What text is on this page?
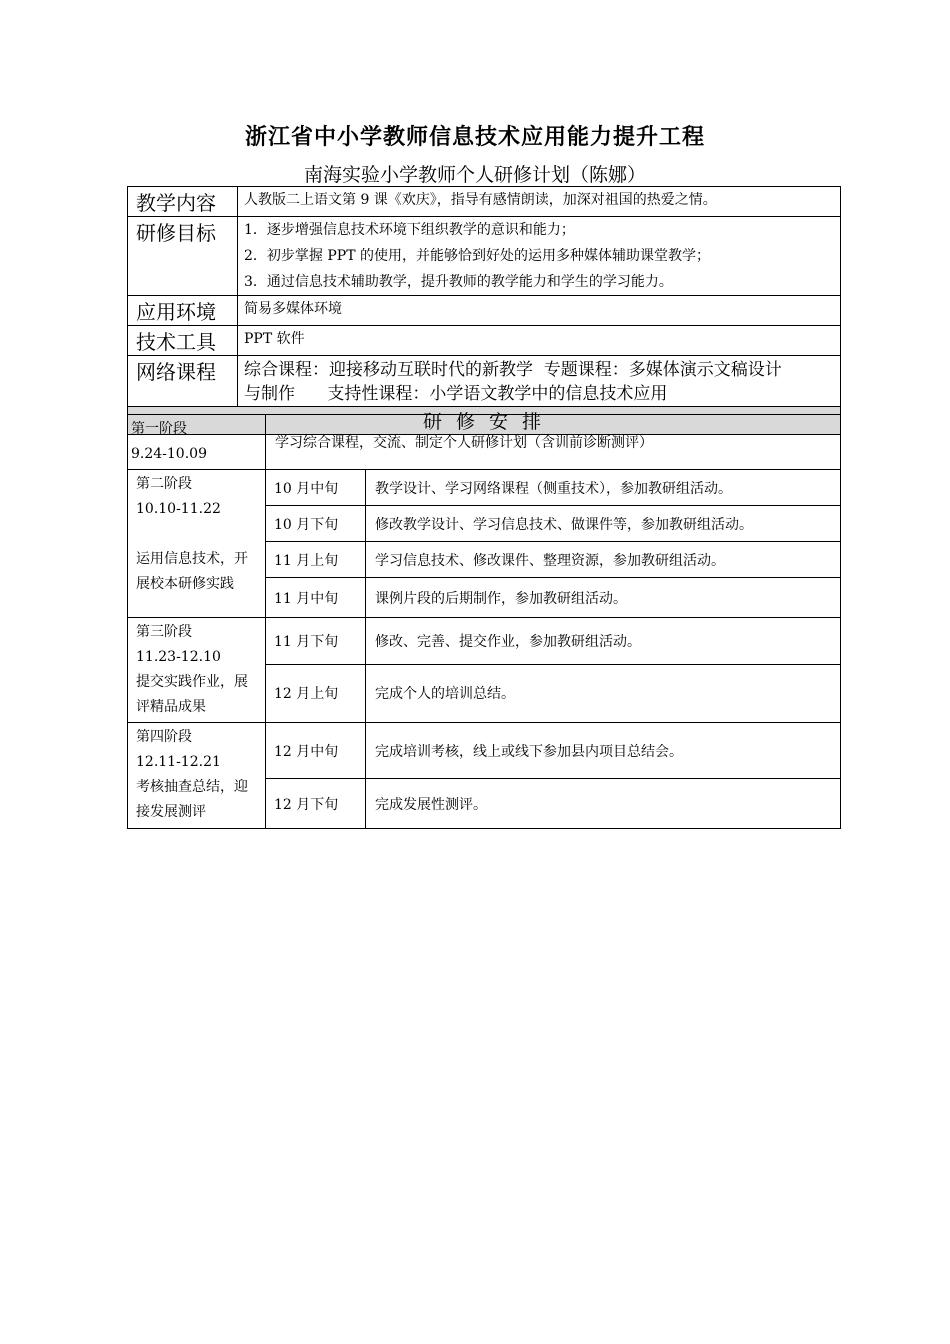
浙江省中小学教师信息技术应用能力提升工程
南海实验小学教师个人研修计划（陈娜）
教学内容	人教版二上语文第 9 课《欢庆》，指导有感情朗读，加深对祖国的热爱之情。
研修目标	1．逐步增强信息技术环境下组织教学的意识和能力；
2．初步掌握 PPT 的使用，并能够恰到好处的运用多种媒体辅助课堂教学；
3．通过信息技术辅助教学，提升教师的教学能力和学生的学习能力。

应用环境	简易多媒体环境
技术工具	PPT 软件
网络课程	综合课程：迎接移动互联时代的新教学  专题课程：多媒体演示文稿设计
与制作      支持性课程：小学语文教学中的信息技术应用

研 修 安 排	
第一阶段
9.24-10.09	学习综合课程，交流、制定个人研修计划（含训前诊断测评）	

第二阶段
10.10-11.22
运用信息技术，开展校本研修实践	10 月中旬	教学设计、学习网络课程（侧重技术），参加教研组活动。
	10 月下旬	修改教学设计、学习信息技术、做课件等，参加教研组活动。
	11 月上旬	学习信息技术、修改课件、整理资源，参加教研组活动。
	11 月中旬	课例片段的后期制作，参加教研组活动。

第三阶段
11.23-12.10
提交实践作业，展评精品成果	11 月下旬	修改、完善、提交作业，参加教研组活动。
	12 月上旬	完成个人的培训总结。

第四阶段
12.11-12.21
考核抽查总结，迎接发展测评	12 月中旬	完成培训考核，线上或线下参加县内项目总结会。
	12 月下旬	完成发展性测评。
